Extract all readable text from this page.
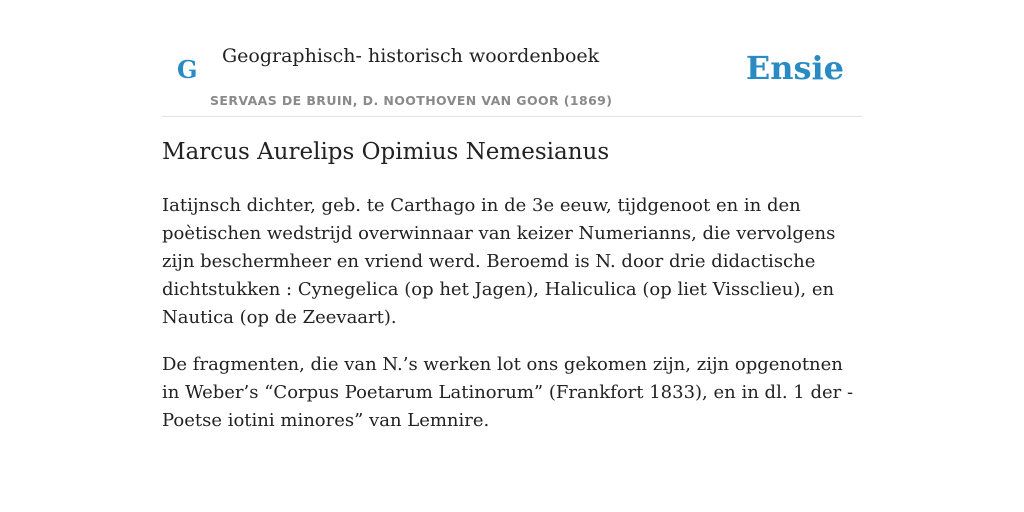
G Geographisch- historisch woordenboek
SERVAAS DE BRUIN, D. NOOTHOVEN VAN GOOR (1869)
Ensie
Marcus Aurelips Opimius Nemesianus

Iatijnsch dichter, geb. te Carthago in de 3e eeuw, tijdgenoot en in den poètischen wedstrijd overwinnaar van keizer Numerianns, die vervolgens zijn beschermheer en vriend werd. Beroemd is N. door drie didactische dichtstukken : Cynegelica (op het Jagen), Haliculica (op liet Vissclieu), en Nautica (op de Zeevaart).

De fragmenten, die van N.’s werken lot ons gekomen zijn, zijn opgenotnen in Weber’s “Corpus Poetarum Latinorum” (Frankfort 1833), en in dl. 1 der -Poetse iotini minores” van Lemnire.
